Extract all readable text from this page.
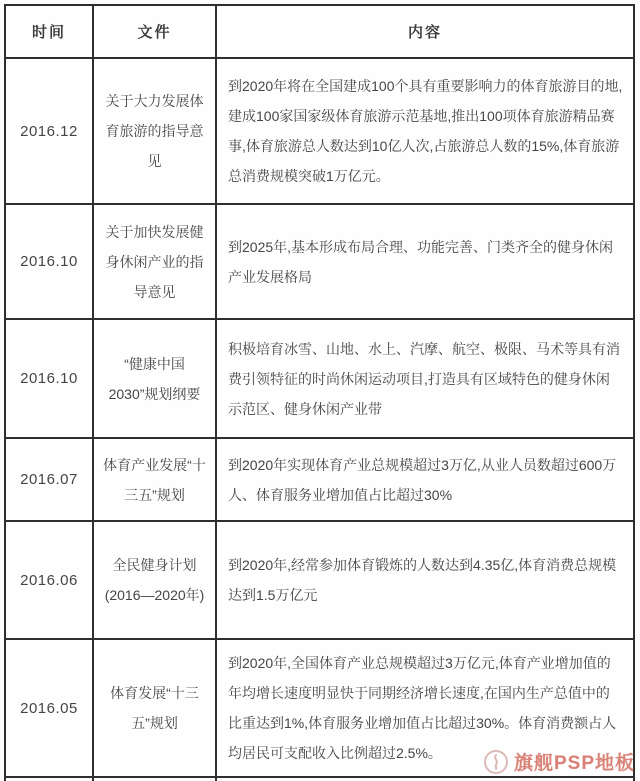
时间	文件	内容
2016.12	关于大力发展体育旅游的指导意见	到2020年将在全国建成100个具有重要影响力的体育旅游目的地,建成100家国家级体育旅游示范基地,推出100项体育旅游精品赛事,体育旅游总人数达到10亿人次,占旅游总人数的15%,体育旅游总消费规模突破1万亿元。
2016.10	关于加快发展健身休闲产业的指导意见	到2025年,基本形成布局合理、功能完善、门类齐全的健身休闲产业发展格局
2016.10	“健康中国2030”规划纲要	积极培育冰雪、山地、水上、汽摩、航空、极限、马术等具有消费引领特征的时尚休闲运动项目,打造具有区域特色的健身休闲示范区、健身休闲产业带
2016.07	体育产业发展“十三五”规划	到2020年实现体育产业总规模超过3万亿,从业人员数超过600万人、体育服务业增加值占比超过30%
2016.06	全民健身计划(2016—2020年)	到2020年,经常参加体育锻炼的人数达到4.35亿,体育消费总规模达到1.5万亿元
2016.05	体育发展“十三五”规划	到2020年,全国体育产业总规模超过3万亿元,体育产业增加值的年均增长速度明显快于同期经济增长速度,在国内生产总值中的比重达到1%,体育服务业增加值占比超过30%。体育消费额占人均居民可支配收入比例超过2.5%。
			旗舰PSP地板
